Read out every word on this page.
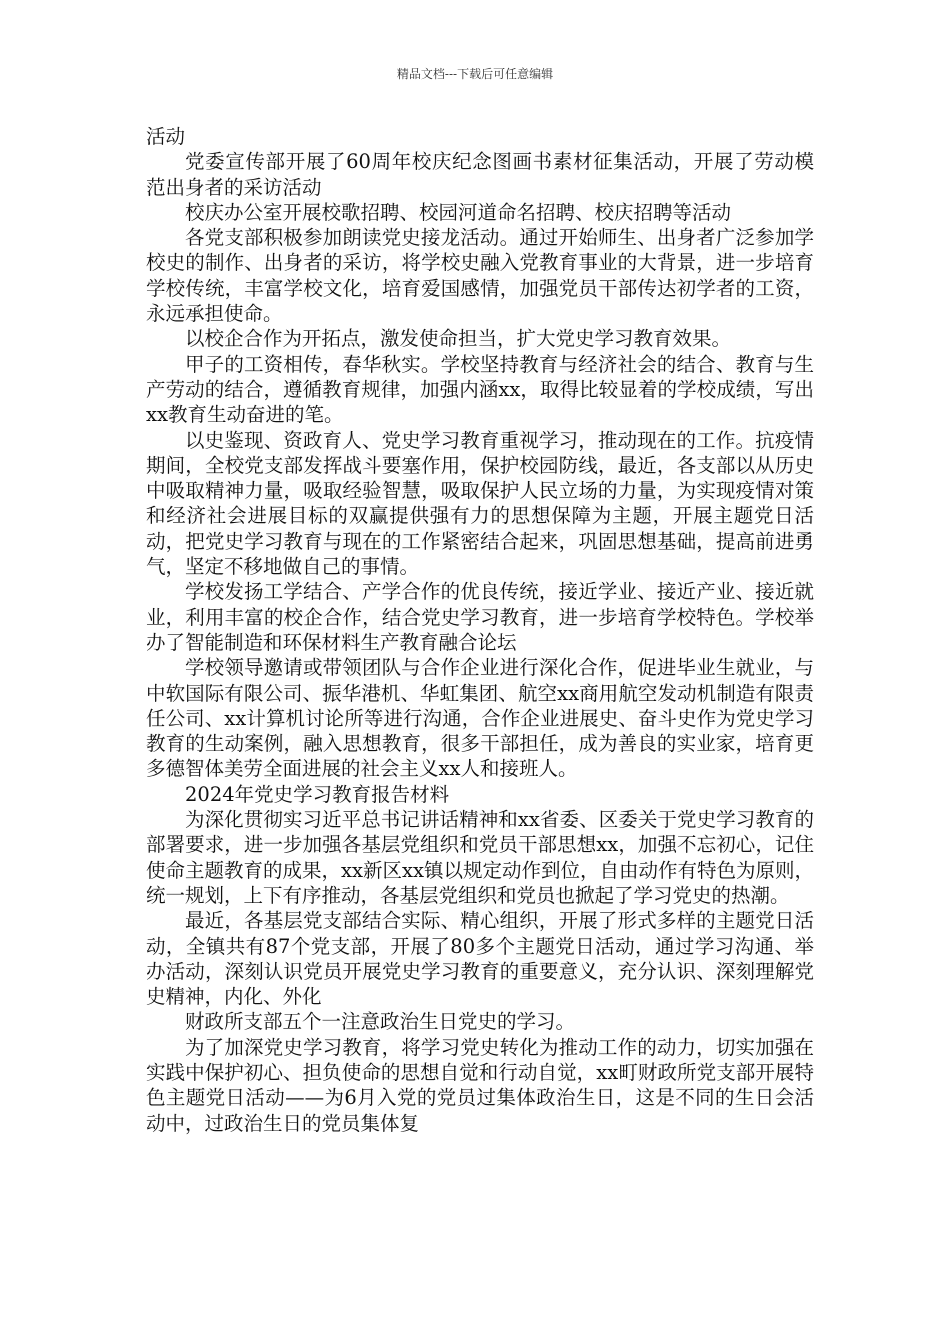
精品文档---下载后可任意编辑

活动

党委宣传部开展了60周年校庆纪念图画书素材征集活动，开展了劳动模范出身者的采访活动

校庆办公室开展校歌招聘、校园河道命名招聘、校庆招聘等活动

各党支部积极参加朗读党史接龙活动。通过开始师生、出身者广泛参加学校史的制作、出身者的采访，将学校史融入党教育事业的大背景，进一步培育学校传统，丰富学校文化，培育爱国感情，加强党员干部传达初学者的工资，永远承担使命。

以校企合作为开拓点，激发使命担当，扩大党史学习教育效果。

甲子的工资相传，春华秋实。学校坚持教育与经济社会的结合、教育与生产劳动的结合，遵循教育规律，加强内涵xx，取得比较显着的学校成绩，写出xx教育生动奋进的笔。

以史鉴现、资政育人、党史学习教育重视学习，推动现在的工作。抗疫情期间，全校党支部发挥战斗要塞作用，保护校园防线，最近，各支部以从历史中吸取精神力量，吸取经验智慧，吸取保护人民立场的力量，为实现疫情对策和经济社会进展目标的双赢提供强有力的思想保障为主题，开展主题党日活动，把党史学习教育与现在的工作紧密结合起来，巩固思想基础，提高前进勇气，坚定不移地做自己的事情。

学校发扬工学结合、产学合作的优良传统，接近学业、接近产业、接近就业，利用丰富的校企合作，结合党史学习教育，进一步培育学校特色。学校举办了智能制造和环保材料生产教育融合论坛

学校领导邀请或带领团队与合作企业进行深化合作，促进毕业生就业，与中软国际有限公司、振华港机、华虹集团、航空xx商用航空发动机制造有限责任公司、xx计算机讨论所等进行沟通，合作企业进展史、奋斗史作为党史学习教育的生动案例，融入思想教育，很多干部担任，成为善良的实业家，培育更多德智体美劳全面进展的社会主义xx人和接班人。

2024年党史学习教育报告材料

为深化贯彻实习近平总书记讲话精神和xx省委、区委关于党史学习教育的部署要求，进一步加强各基层党组织和党员干部思想xx，加强不忘初心，记住使命主题教育的成果，xx新区xx镇以规定动作到位，自由动作有特色为原则，统一规划，上下有序推动，各基层党组织和党员也掀起了学习党史的热潮。

最近，各基层党支部结合实际、精心组织，开展了形式多样的主题党日活动，全镇共有87个党支部，开展了80多个主题党日活动，通过学习沟通、举办活动，深刻认识党员开展党史学习教育的重要意义，充分认识、深刻理解党史精神，内化、外化

财政所支部五个一注意政治生日党史的学习。

为了加深党史学习教育，将学习党史转化为推动工作的动力，切实加强在实践中保护初心、担负使命的思想自觉和行动自觉，xx町财政所党支部开展特色主题党日活动——为6月入党的党员过集体政治生日，这是不同的生日会活动中，过政治生日的党员集体复
